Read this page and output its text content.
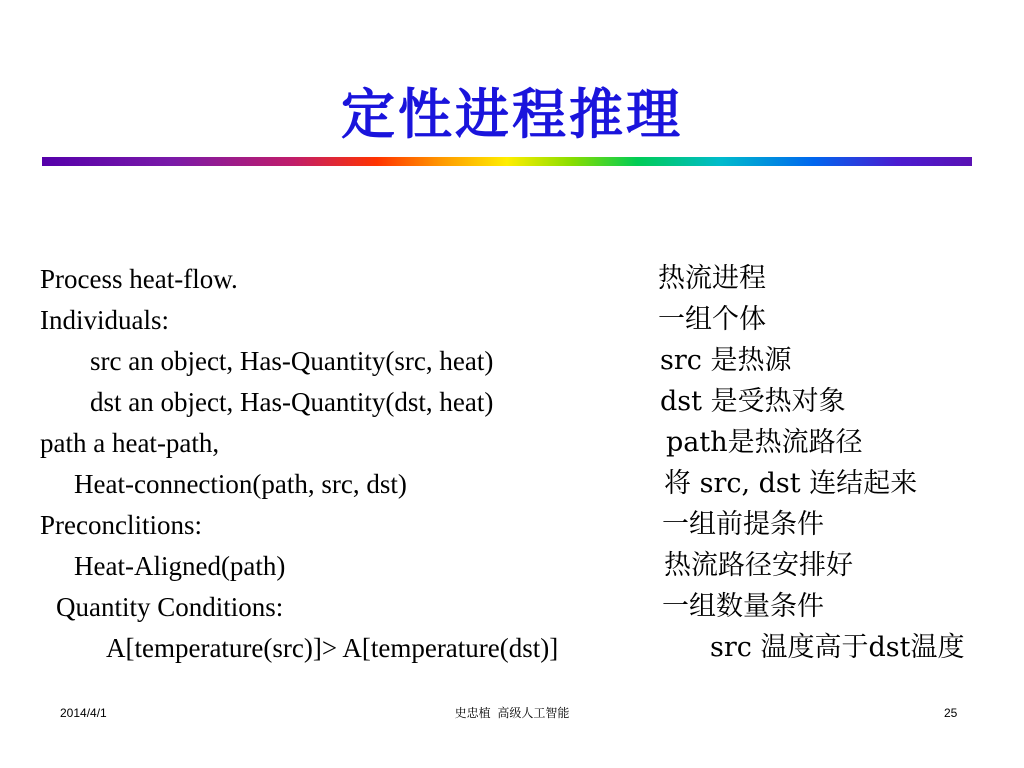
定性进程推理
Process heat-flow.
Individuals:
src an object, Has-Quantity(src, heat)
dst an object, Has-Quantity(dst, heat)
path a heat-path,
Heat-connection(path, src, dst)
Preconclitions:
Heat-Aligned(path)
Quantity Conditions:
A[temperature(src)]> A[temperature(dst)]
热流进程
一组个体
src 是热源
dst 是受热对象
path是热流路径
将 src, dst 连结起来
一组前提条件
热流路径安排好
一组数量条件
src 温度高于dst温度
2014/4/1	史忠植  高级人工智能	25
